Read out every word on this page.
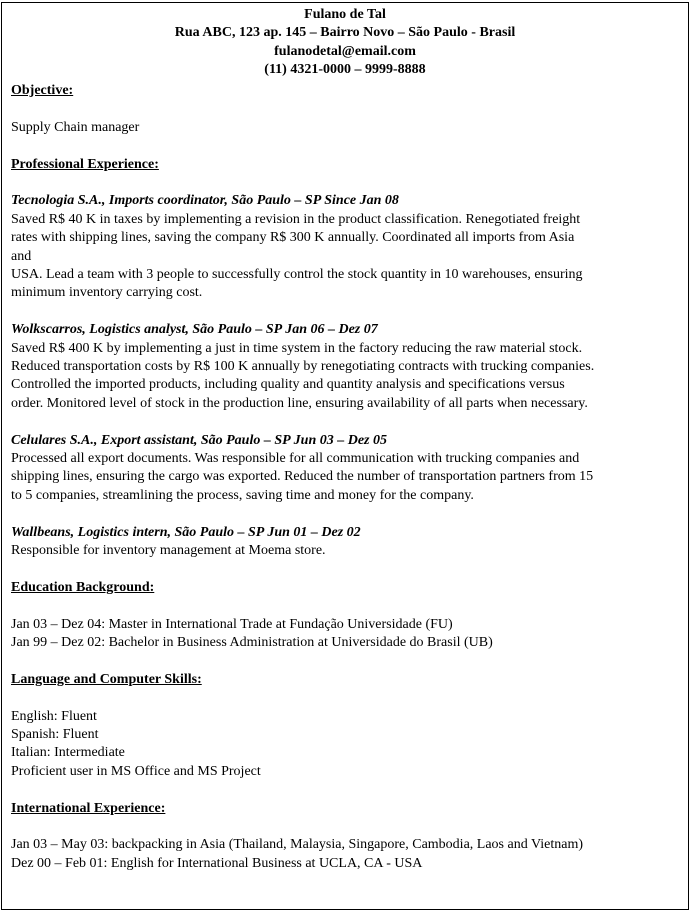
Fulano de Tal
Rua ABC, 123 ap. 145 – Bairro Novo – São Paulo - Brasil
fulanodetal@email.com
(11) 4321-0000 – 9999-8888
Objective:
Supply Chain manager
Professional Experience:
Tecnologia S.A., Imports coordinator, São Paulo – SP Since Jan 08
Saved R$ 40 K in taxes by implementing a revision in the product classification. Renegotiated freight
rates with shipping lines, saving the company R$ 300 K annually. Coordinated all imports from Asia
and
USA. Lead a team with 3 people to successfully control the stock quantity in 10 warehouses, ensuring
minimum inventory carrying cost.
Wolkscarros, Logistics analyst, São Paulo – SP Jan 06 – Dez 07
Saved R$ 400 K by implementing a just in time system in the factory reducing the raw material stock.
Reduced transportation costs by R$ 100 K annually by renegotiating contracts with trucking companies.
Controlled the imported products, including quality and quantity analysis and specifications versus
order. Monitored level of stock in the production line, ensuring availability of all parts when necessary.
Celulares S.A., Export assistant, São Paulo – SP Jun 03 – Dez 05
Processed all export documents. Was responsible for all communication with trucking companies and
shipping lines, ensuring the cargo was exported. Reduced the number of transportation partners from 15
to 5 companies, streamlining the process, saving time and money for the company.
Wallbeans, Logistics intern, São Paulo – SP Jun 01 – Dez 02
Responsible for inventory management at Moema store.
Education Background:
Jan 03 – Dez 04: Master in International Trade at Fundação Universidade (FU)
Jan 99 – Dez 02: Bachelor in Business Administration at Universidade do Brasil (UB)
Language and Computer Skills:
English: Fluent
Spanish: Fluent
Italian: Intermediate
Proficient user in MS Office and MS Project
International Experience:
Jan 03 – May 03: backpacking in Asia (Thailand, Malaysia, Singapore, Cambodia, Laos and Vietnam)
Dez 00 – Feb 01: English for International Business at UCLA, CA - USA
